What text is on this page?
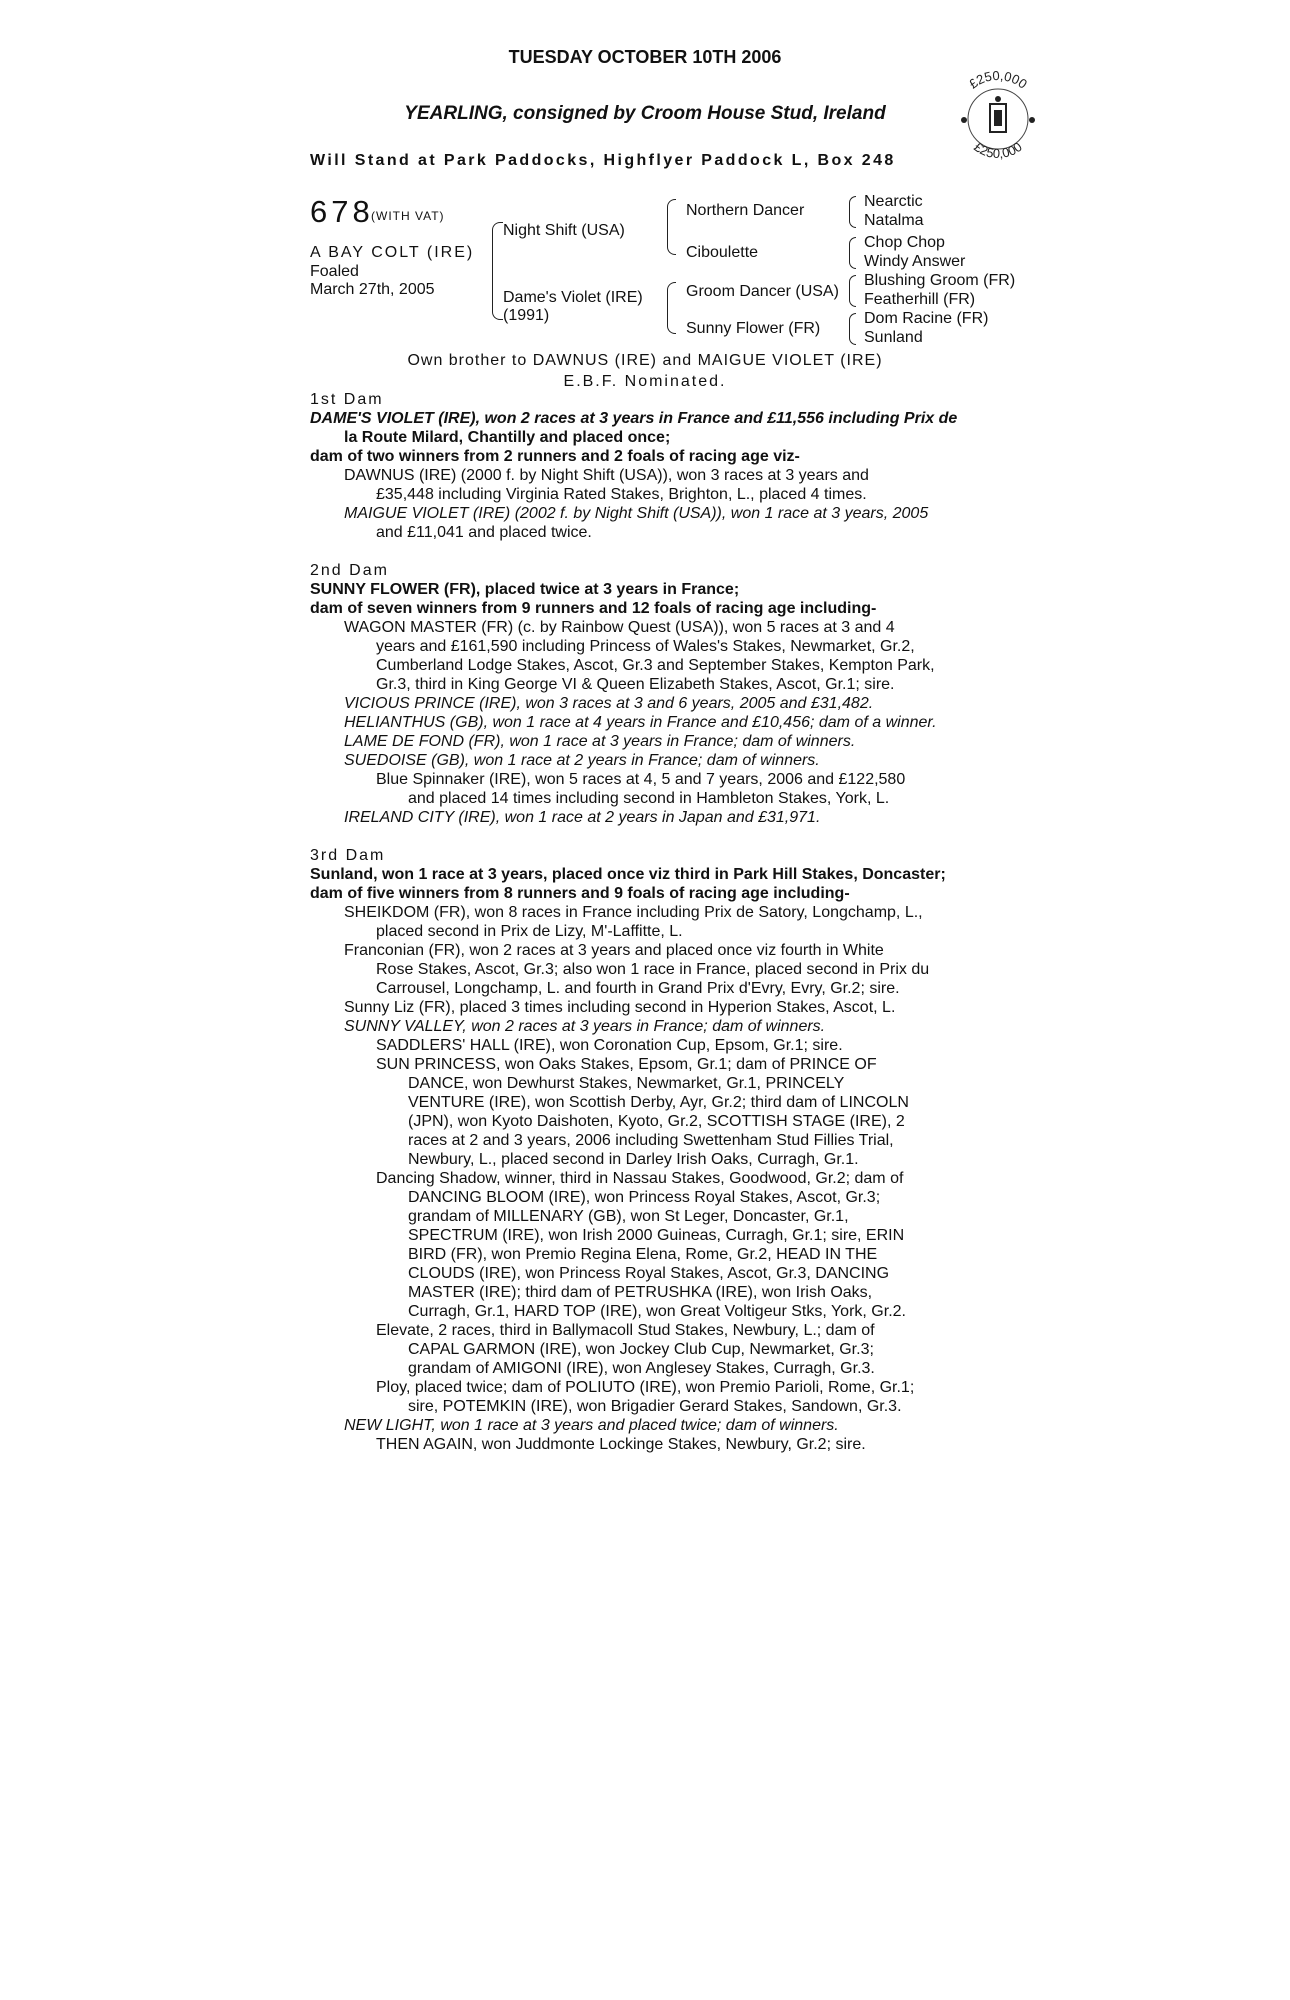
TUESDAY OCTOBER 10TH 2006
YEARLING, consigned by Croom House Stud, Ireland
Will Stand at Park Paddocks, Highflyer Paddock L, Box 248
£250,000
£250,000
678
(WITH VAT)
A BAY COLT (IRE)
Foaled
March 27th, 2005
Night Shift (USA)
Dame's Violet (IRE)
(1991)
Northern Dancer
Ciboulette
Groom Dancer (USA)
Sunny Flower (FR)
Nearctic
Natalma
Chop Chop
Windy Answer
Blushing Groom (FR)
Featherhill (FR)
Dom Racine (FR)
Sunland
Own brother to DAWNUS (IRE) and MAIGUE VIOLET (IRE)
E.B.F. Nominated.
1st Dam
DAME'S VIOLET (IRE), won 2 races at 3 years in France and £11,556 including Prix de
la Route Milard, Chantilly and placed once;
dam of two winners from 2 runners and 2 foals of racing age viz-
DAWNUS (IRE) (2000 f. by Night Shift (USA)), won 3 races at 3 years and
£35,448 including Virginia Rated Stakes, Brighton, L., placed 4 times.
MAIGUE VIOLET (IRE) (2002 f. by Night Shift (USA)), won 1 race at 3 years, 2005
and £11,041 and placed twice.
2nd Dam
SUNNY FLOWER (FR), placed twice at 3 years in France;
dam of seven winners from 9 runners and 12 foals of racing age including-
WAGON MASTER (FR) (c. by Rainbow Quest (USA)), won 5 races at 3 and 4
years and £161,590 including Princess of Wales's Stakes, Newmarket, Gr.2,
Cumberland Lodge Stakes, Ascot, Gr.3 and September Stakes, Kempton Park,
Gr.3, third in King George VI & Queen Elizabeth Stakes, Ascot, Gr.1; sire.
VICIOUS PRINCE (IRE), won 3 races at 3 and 6 years, 2005 and £31,482.
HELIANTHUS (GB), won 1 race at 4 years in France and £10,456; dam of a winner.
LAME DE FOND (FR), won 1 race at 3 years in France; dam of winners.
SUEDOISE (GB), won 1 race at 2 years in France; dam of winners.
Blue Spinnaker (IRE), won 5 races at 4, 5 and 7 years, 2006 and £122,580
and placed 14 times including second in Hambleton Stakes, York, L.
IRELAND CITY (IRE), won 1 race at 2 years in Japan and £31,971.
3rd Dam
Sunland, won 1 race at 3 years, placed once viz third in Park Hill Stakes, Doncaster;
dam of five winners from 8 runners and 9 foals of racing age including-
SHEIKDOM (FR), won 8 races in France including Prix de Satory, Longchamp, L.,
placed second in Prix de Lizy, M'-Laffitte, L.
Franconian (FR), won 2 races at 3 years and placed once viz fourth in White
Rose Stakes, Ascot, Gr.3; also won 1 race in France, placed second in Prix du
Carrousel, Longchamp, L. and fourth in Grand Prix d'Evry, Evry, Gr.2; sire.
Sunny Liz (FR), placed 3 times including second in Hyperion Stakes, Ascot, L.
SUNNY VALLEY, won 2 races at 3 years in France; dam of winners.
SADDLERS' HALL (IRE), won Coronation Cup, Epsom, Gr.1; sire.
SUN PRINCESS, won Oaks Stakes, Epsom, Gr.1; dam of PRINCE OF
DANCE, won Dewhurst Stakes, Newmarket, Gr.1, PRINCELY
VENTURE (IRE), won Scottish Derby, Ayr, Gr.2; third dam of LINCOLN
(JPN), won Kyoto Daishoten, Kyoto, Gr.2, SCOTTISH STAGE (IRE), 2
races at 2 and 3 years, 2006 including Swettenham Stud Fillies Trial,
Newbury, L., placed second in Darley Irish Oaks, Curragh, Gr.1.
Dancing Shadow, winner, third in Nassau Stakes, Goodwood, Gr.2; dam of
DANCING BLOOM (IRE), won Princess Royal Stakes, Ascot, Gr.3;
grandam of MILLENARY (GB), won St Leger, Doncaster, Gr.1,
SPECTRUM (IRE), won Irish 2000 Guineas, Curragh, Gr.1; sire, ERIN
BIRD (FR), won Premio Regina Elena, Rome, Gr.2, HEAD IN THE
CLOUDS (IRE), won Princess Royal Stakes, Ascot, Gr.3, DANCING
MASTER (IRE); third dam of PETRUSHKA (IRE), won Irish Oaks,
Curragh, Gr.1, HARD TOP (IRE), won Great Voltigeur Stks, York, Gr.2.
Elevate, 2 races, third in Ballymacoll Stud Stakes, Newbury, L.; dam of
CAPAL GARMON (IRE), won Jockey Club Cup, Newmarket, Gr.3;
grandam of AMIGONI (IRE), won Anglesey Stakes, Curragh, Gr.3.
Ploy, placed twice; dam of POLIUTO (IRE), won Premio Parioli, Rome, Gr.1;
sire, POTEMKIN (IRE), won Brigadier Gerard Stakes, Sandown, Gr.3.
NEW LIGHT, won 1 race at 3 years and placed twice; dam of winners.
THEN AGAIN, won Juddmonte Lockinge Stakes, Newbury, Gr.2; sire.
